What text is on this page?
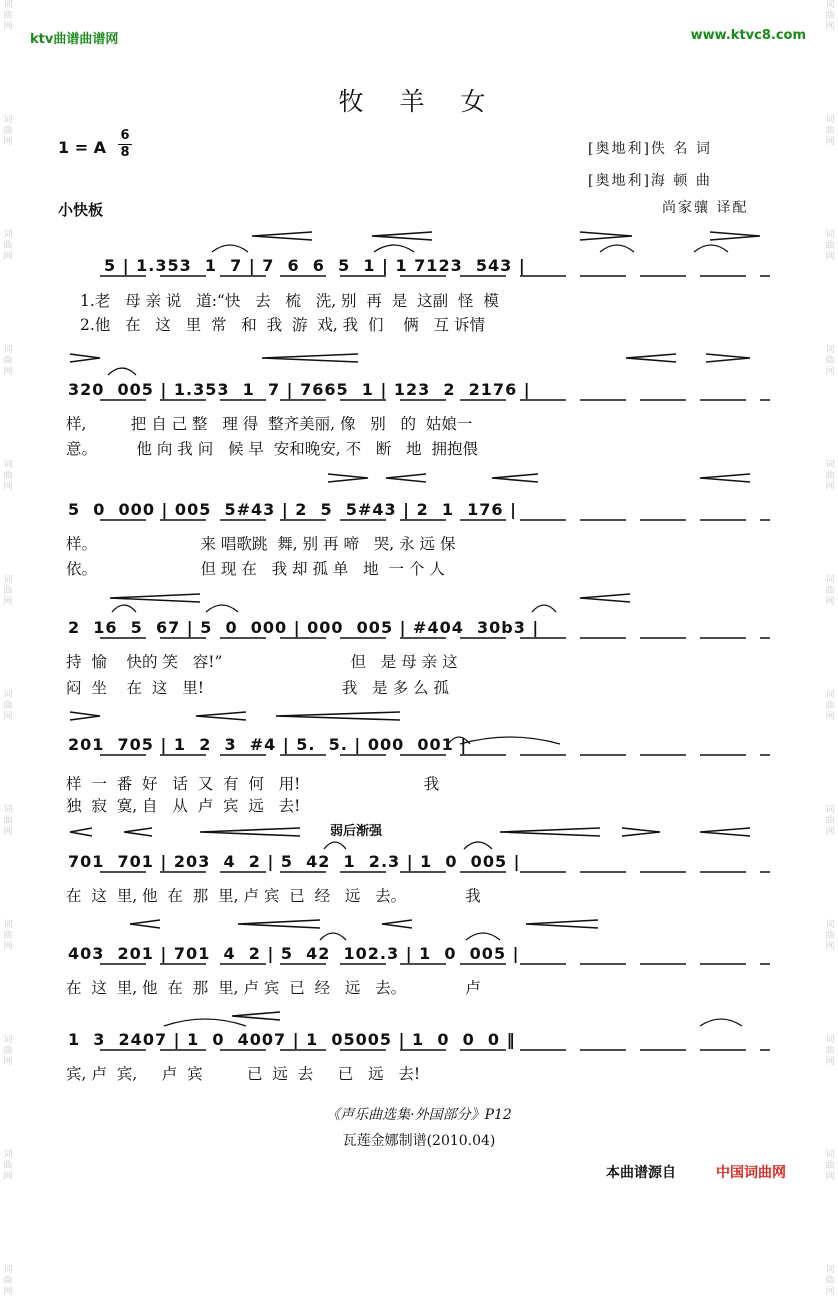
词 曲 网
词 曲 网
词 曲 网
词 曲 网
词 曲 网
词 曲 网
词 曲 网
词 曲 网
词 曲 网
词 曲 网
词 曲 网
词 曲 网
词 曲 网
词 曲 网
词 曲 网
词 曲 网
词 曲 网
词 曲 网
词 曲 网
词 曲 网
词 曲 网
词 曲 网
词 曲 网
词 曲 网
ktv曲谱曲谱网	www.ktvc8.com
牧 羊 女
1 = A
6
8	[奥地利]佚 名 词
[奥地利]海 顿 曲
尚家骧 译配
小快板
5 | 1.353  1  7 | 7  6  6  5  1 | 1 7123  543 |
1.老   母 亲 说   道:“快   去   梳   洗, 别  再  是  这副  怪  模
2.他   在   这   里  常   和  我  游  戏, 我  们    俩   互 诉情
320  005 | 1.353  1  7 | 7665  1 | 123  2  2176 |
样,         把 自 己 整   理 得  整齐美丽, 像   别   的  姑娘一
意。        他 向 我 问   候 早  安和晚安, 不   断   地  拥抱偎
5  0  000 | 005  5#43 | 2  5  5#43 | 2  1  176 |
样。                     来 唱歌跳  舞, 别 再 啼   哭, 永 远 保
依。                     但 现 在   我 却 孤 单   地  一 个 人
2  16  5  67 | 5  0  000 | 000  005 | #404  30b3 |
持  愉    快的 笑   容!”                          但   是 母 亲 这
闷  坐    在  这   里!                            我   是 多 么 孤
201  705 | 1  2  3  #4 | 5.  5. | 000  001 |
样  一  番  好   话  又  有  何   用!                         我
独  寂  寞, 自   从  卢  宾  远   去!
弱后渐强
701  701 | 203  4  2 | 5  42  1  2.3 | 1  0  005 |
在  这  里, 他  在  那  里, 卢 宾  已  经   远   去。            我
403  201 | 701  4  2 | 5  42  102.3 | 1  0  005 |
在  这  里, 他  在  那  里, 卢 宾  已  经   远   去。            卢
1  3  2407 | 1  0  4007 | 1  05005 | 1  0  0  0 ‖
宾, 卢  宾,     卢  宾         已  远  去     已   远   去!
《声乐曲选集·外国部分》P12
瓦莲金娜制谱(2010.04)
本曲谱源自	中国词曲网
